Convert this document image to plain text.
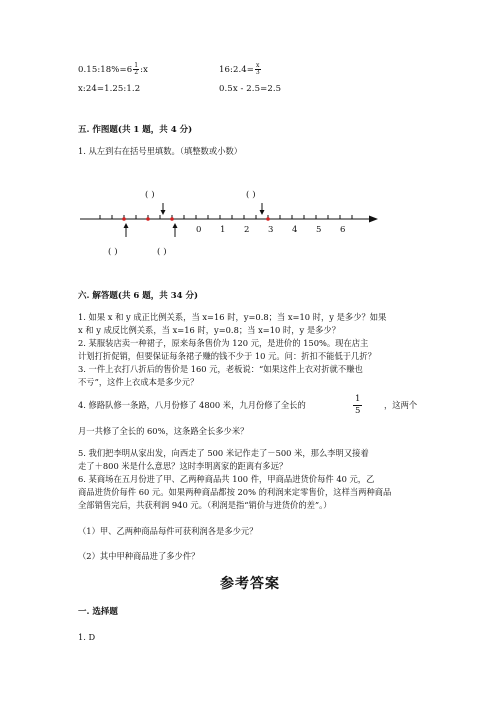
0.15:18%=6 $\frac{1}{2}$ :x	16:2.4= $\frac{x}{3}$
x:24=1.25:1.2	0.5x - 2.5=2.5
五. 作图题(共 1 题，共 4 分)
1. 从左到右在括号里填数。（填整数或小数）
0 1 2 3 4 5 6
( )	( )
( )	( )
六. 解答题(共 6 题，共 34 分)
1. 如果 x 和 y 成正比例关系，当 x=16 时，y=0.8；当 x=10 时，y 是多少？如果
x 和 y 成反比例关系，当 x=16 时，y=0.8；当 x=10 时，y 是多少？
2. 某服装店卖一种裙子，原来每条售价为 120 元，是进价的 150%。现在店主
计划打折促销，但要保证每条裙子赚的钱不少于 10 元。问：折扣不能低于几折？
3. 一件上衣打八折后的售价是 160 元，老板说：“如果这件上衣对折就不赚也
不亏”，这件上衣成本是多少元？
4. 修路队修一条路，八月份修了 4800 米，九月份修了全长的	$\frac{1}{5}$	，这两个
月一共修了全长的 60%，这条路全长多少米？
5. 我们把李明从家出发，向西走了 500 米记作走了－500 米，那么李明又接着
走了＋800 米是什么意思？这时李明离家的距离有多远？
6. 某商场在五月份进了甲、乙两种商品共 100 件，甲商品进货价每件 40 元，乙
商品进货价每件 60 元。如果两种商品都按 20% 的利润来定零售价，这样当两种商品
全部销售完后，共获利润 940 元。（利润是指“销价与进货价的差”。）
（1）甲、乙两种商品每件可获利润各是多少元？
（2）其中甲种商品进了多少件？
参考答案
一. 选择题
1. D
